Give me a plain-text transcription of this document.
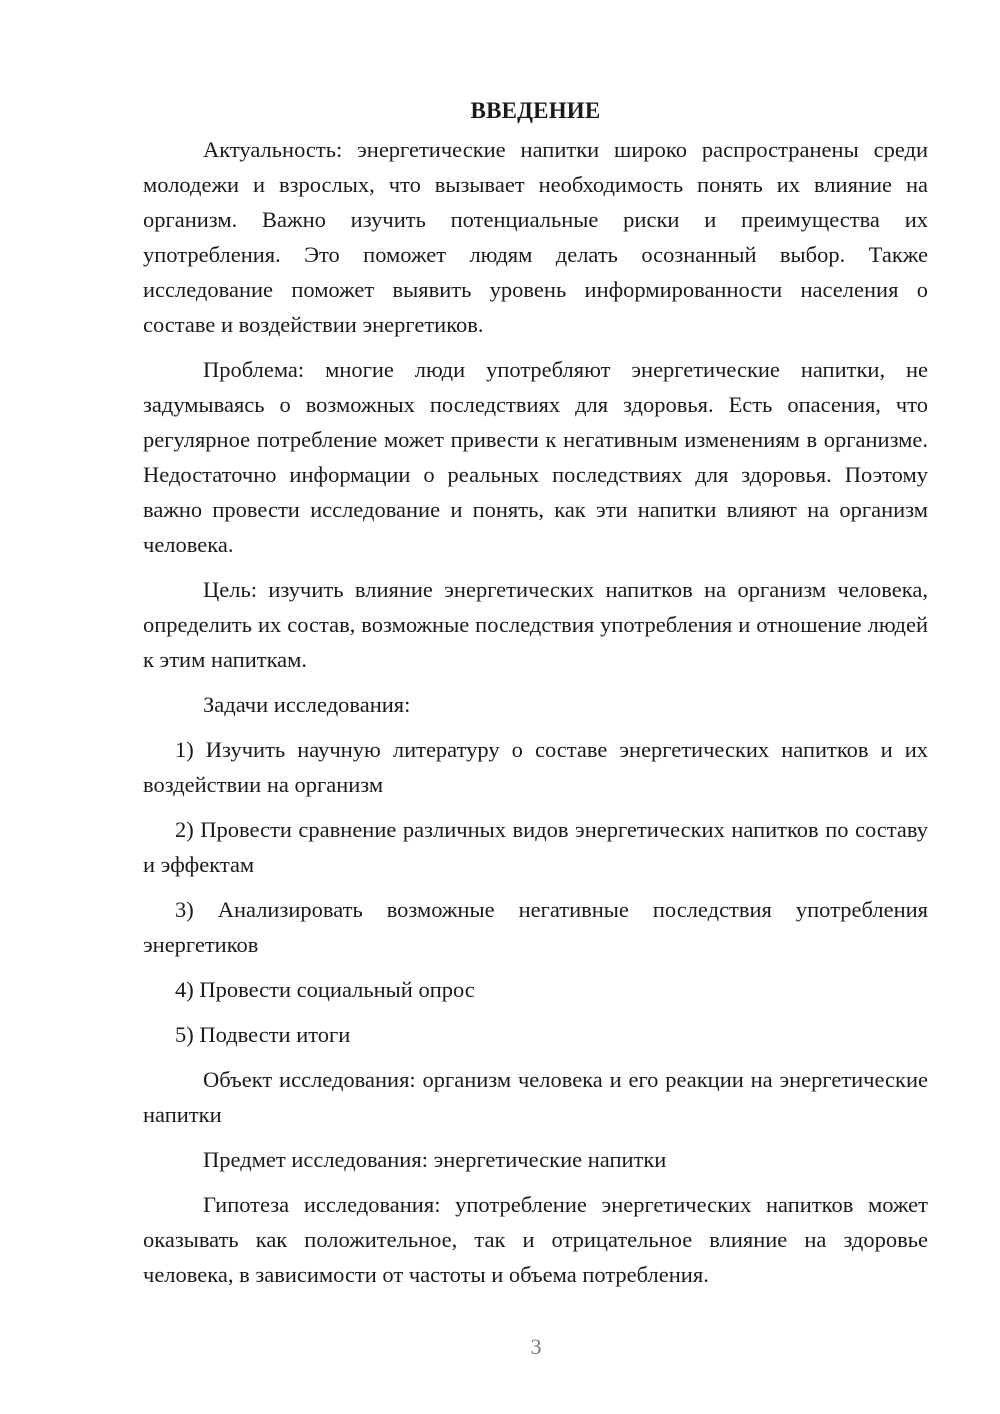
ВВЕДЕНИЕ

Актуальность: энергетические напитки широко распространены среди молодежи и взрослых, что вызывает необходимость понять их влияние на организм. Важно изучить потенциальные риски и преимущества их употребления. Это поможет людям делать осознанный выбор. Также исследование поможет выявить уровень информированности населения о составе и воздействии энергетиков.

Проблема: многие люди употребляют энергетические напитки, не задумываясь о возможных последствиях для здоровья. Есть опасения, что регулярное потребление может привести к негативным изменениям в организме. Недостаточно информации о реальных последствиях для здоровья. Поэтому важно провести исследование и понять, как эти напитки влияют на организм человека.

Цель: изучить влияние энергетических напитков на организм человека, определить их состав, возможные последствия употребления и отношение людей к этим напиткам.

Задачи исследования:

1) Изучить научную литературу о составе энергетических напитков и их воздействии на организм

2) Провести сравнение различных видов энергетических напитков по составу и эффектам

3) Анализировать возможные негативные последствия употребления энергетиков

4) Провести социальный опрос

5) Подвести итоги

Объект исследования: организм человека и его реакции на энергетические напитки

Предмет исследования: энергетические напитки

Гипотеза исследования: употребление энергетических напитков может оказывать как положительное, так и отрицательное влияние на здоровье человека, в зависимости от частоты и объема потребления.

3
